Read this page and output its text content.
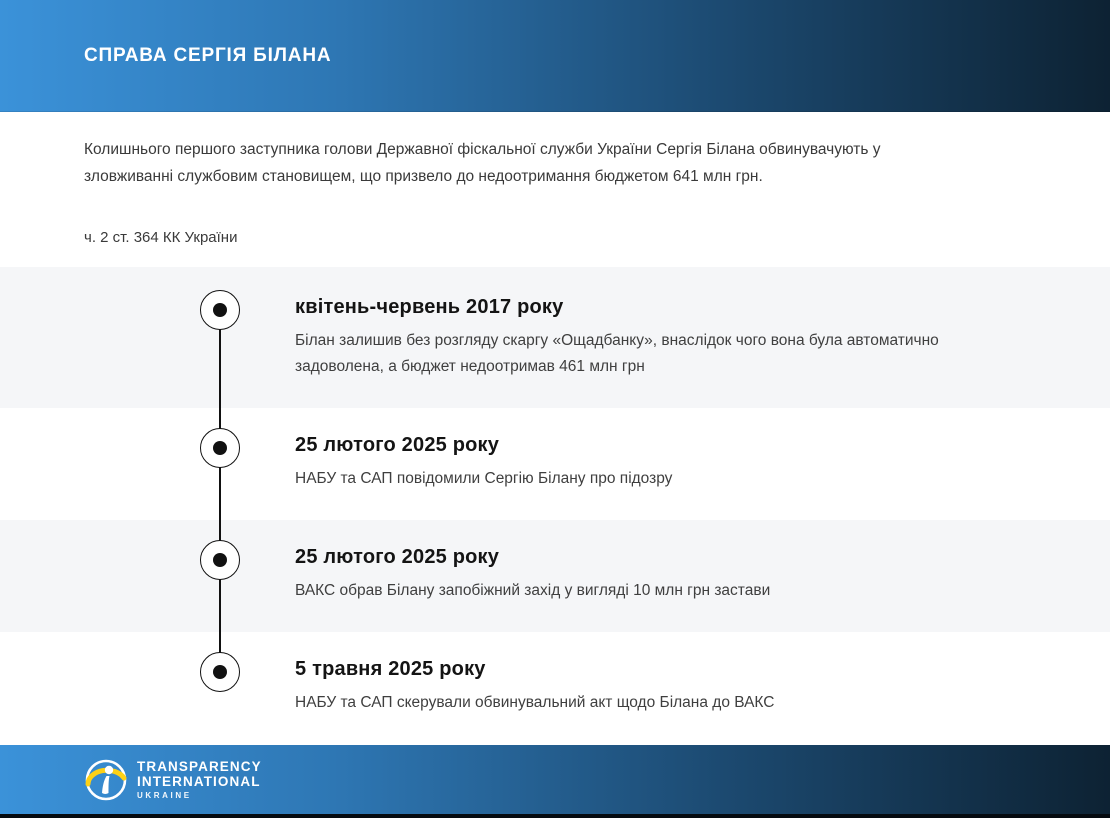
СПРАВА СЕРГІЯ БІЛАНА

Колишнього першого заступника голови Державної фіскальної служби України Сергія Білана обвинувачують у зловживанні службовим становищем, що призвело до недоотримання бюджетом 641 млн грн.

ч. 2 ст. 364 КК України

квітень-червень 2017 року

Білан залишив без розгляду скаргу «Ощадбанку», внаслідок чого вона була автоматично задоволена, а бюджет недоотримав 461 млн грн

25 лютого 2025 року

НАБУ та САП повідомили Сергію Білану про підозру

25 лютого 2025 року

ВАКС обрав Білану запобіжний захід у вигляді 10 млн грн застави

5 травня 2025 року

НАБУ та САП скерували обвинувальний акт щодо Білана до ВАКС

TRANSPARENCY
INTERNATIONAL
UKRAINE
